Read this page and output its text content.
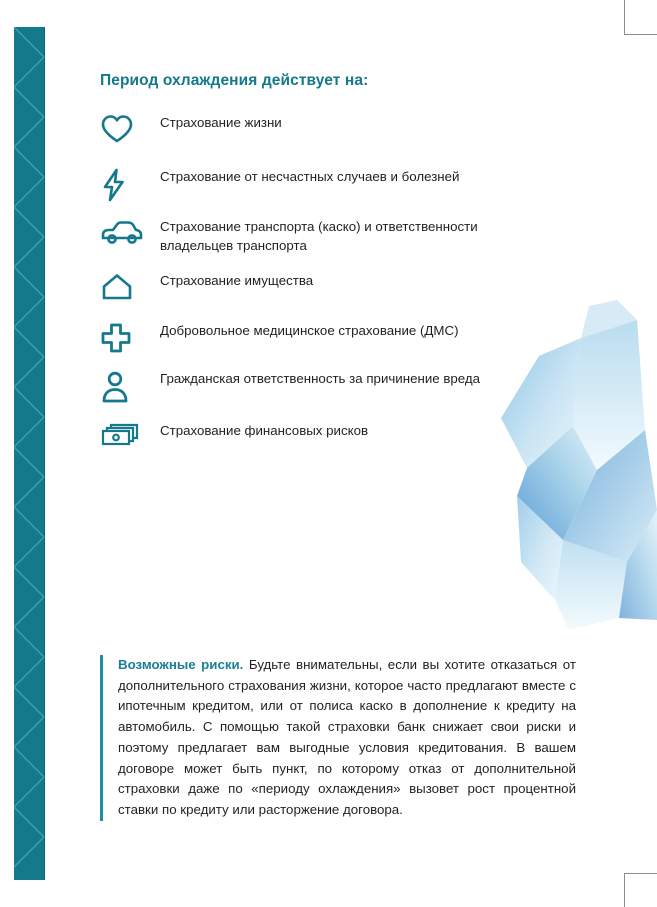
Период охлаждения действует на:
Страхование жизни
Страхование от несчастных случаев и болезней
Страхование транспорта (каско) и ответственности владельцев транспорта
Страхование имущества
Добровольное медицинское страхование (ДМС)
Гражданская ответственность за причинение вреда
Страхование финансовых рисков

Возможные риски. Будьте внимательны, если вы хотите отказаться от дополнительного страхования жизни, которое часто предлагают вместе с ипотечным кредитом, или от полиса каско в дополнение к кредиту на автомобиль. С помощью такой страховки банк снижает свои риски и поэтому предлагает вам выгодные условия кредитования. В вашем договоре может быть пункт, по которому отказ от дополнительной страховки даже по «периоду охлаждения» вызовет рост процентной ставки по кредиту или расторжение договора.
